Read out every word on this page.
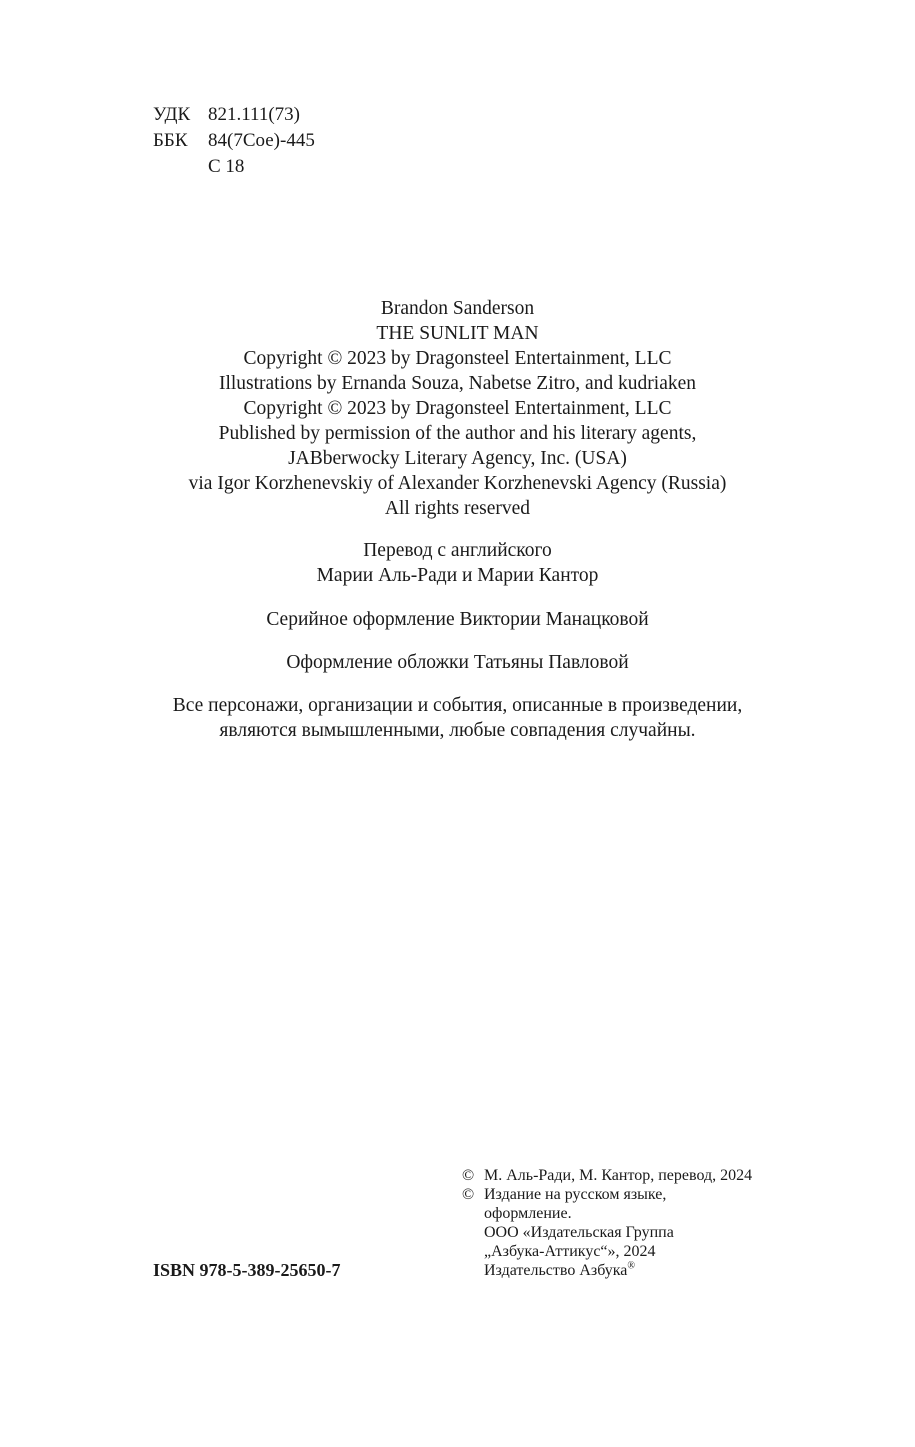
УДК 821.111(73)
ББК	84(7Сое)-445
С 18
Brandon Sanderson
THE SUNLIT MAN
Copyright © 2023 by Dragonsteel Entertainment, LLC
Illustrations by Ernanda Souza, Nabetse Zitro, and kudriaken
Copyright © 2023 by Dragonsteel Entertainment, LLC
Published by permission of the author and his literary agents,
JABberwocky Literary Agency, Inc. (USA)
via Igor Korzhenevskiy of Alexander Korzhenevski Agency (Russia)
All rights reserved
Перевод с английского
Марии Аль-Ради и Марии Кантор
Серийное оформление Виктории Манацковой
Оформление обложки Татьяны Павловой
Все персонажи, организации и события, описанные в произведении,
являются вымышленными, любые совпадения случайны.
ISBN 978-5-389-25650-7
© М. Аль-Ради, М. Кантор, перевод, 2024
© Издание на русском языке,
оформление.
ООО «Издательская Группа
„Азбука-Аттикус“», 2024
Издательство Азбука®
